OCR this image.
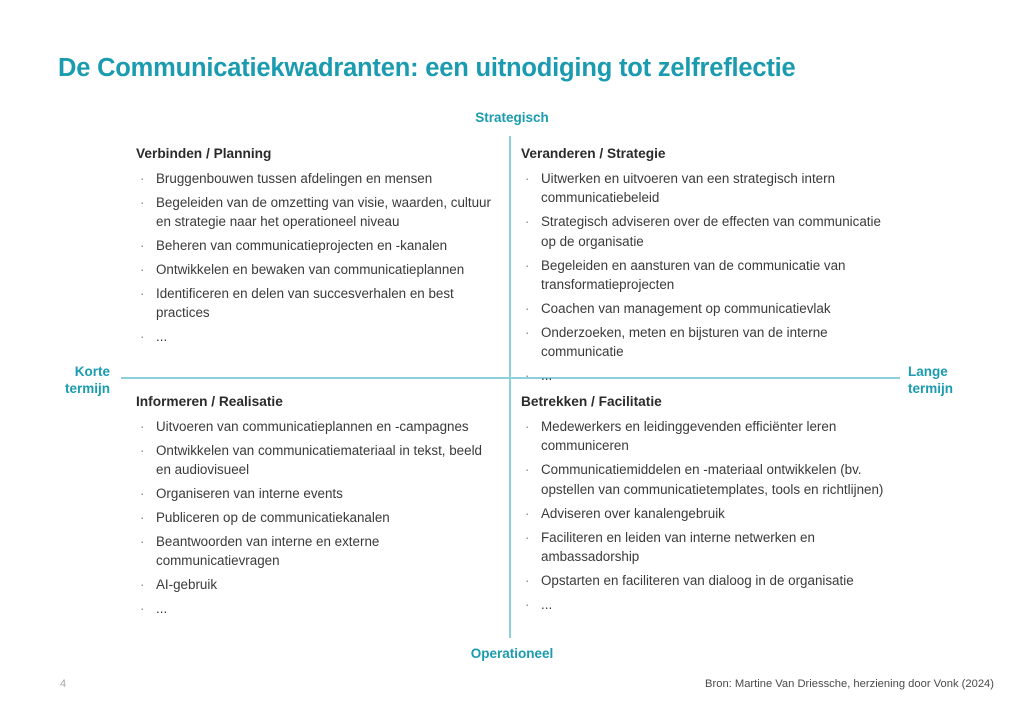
De Communicatiekwadranten: een uitnodiging tot zelfreflectie
Strategisch
Operationeel
Korte
termijn
Lange
termijn
Verbinden / Planning
· Bruggenbouwen tussen afdelingen en mensen
· Begeleiden van de omzetting van visie, waarden, cultuur en strategie naar het operationeel niveau
· Beheren van communicatieprojecten en -kanalen
· Ontwikkelen en bewaken van communicatieplannen
· Identificeren en delen van succesverhalen en best practices
· ...
Veranderen / Strategie
· Uitwerken en uitvoeren van een strategisch intern communicatiebeleid
· Strategisch adviseren over de effecten van communicatie op de organisatie
· Begeleiden en aansturen van de communicatie van transformatieprojecten
· Coachen van management op communicatievlak
· Onderzoeken, meten en bijsturen van de interne communicatie
· ...
Informeren / Realisatie
· Uitvoeren van communicatieplannen en -campagnes
· Ontwikkelen van communicatiemateriaal in tekst, beeld en audiovisueel
· Organiseren van interne events
· Publiceren op de communicatiekanalen
· Beantwoorden van interne en externe communicatievragen
· AI-gebruik
· ...
Betrekken / Facilitatie
· Medewerkers en leidinggevenden efficiënter leren communiceren
· Communicatiemiddelen en -materiaal ontwikkelen (bv. opstellen van communicatietemplates, tools en richtlijnen)
· Adviseren over kanalengebruik
· Faciliteren en leiden van interne netwerken en ambassadorship
· Opstarten en faciliteren van dialoog in de organisatie
· ...
4	Bron: Martine Van Driessche, herziening door Vonk (2024)
